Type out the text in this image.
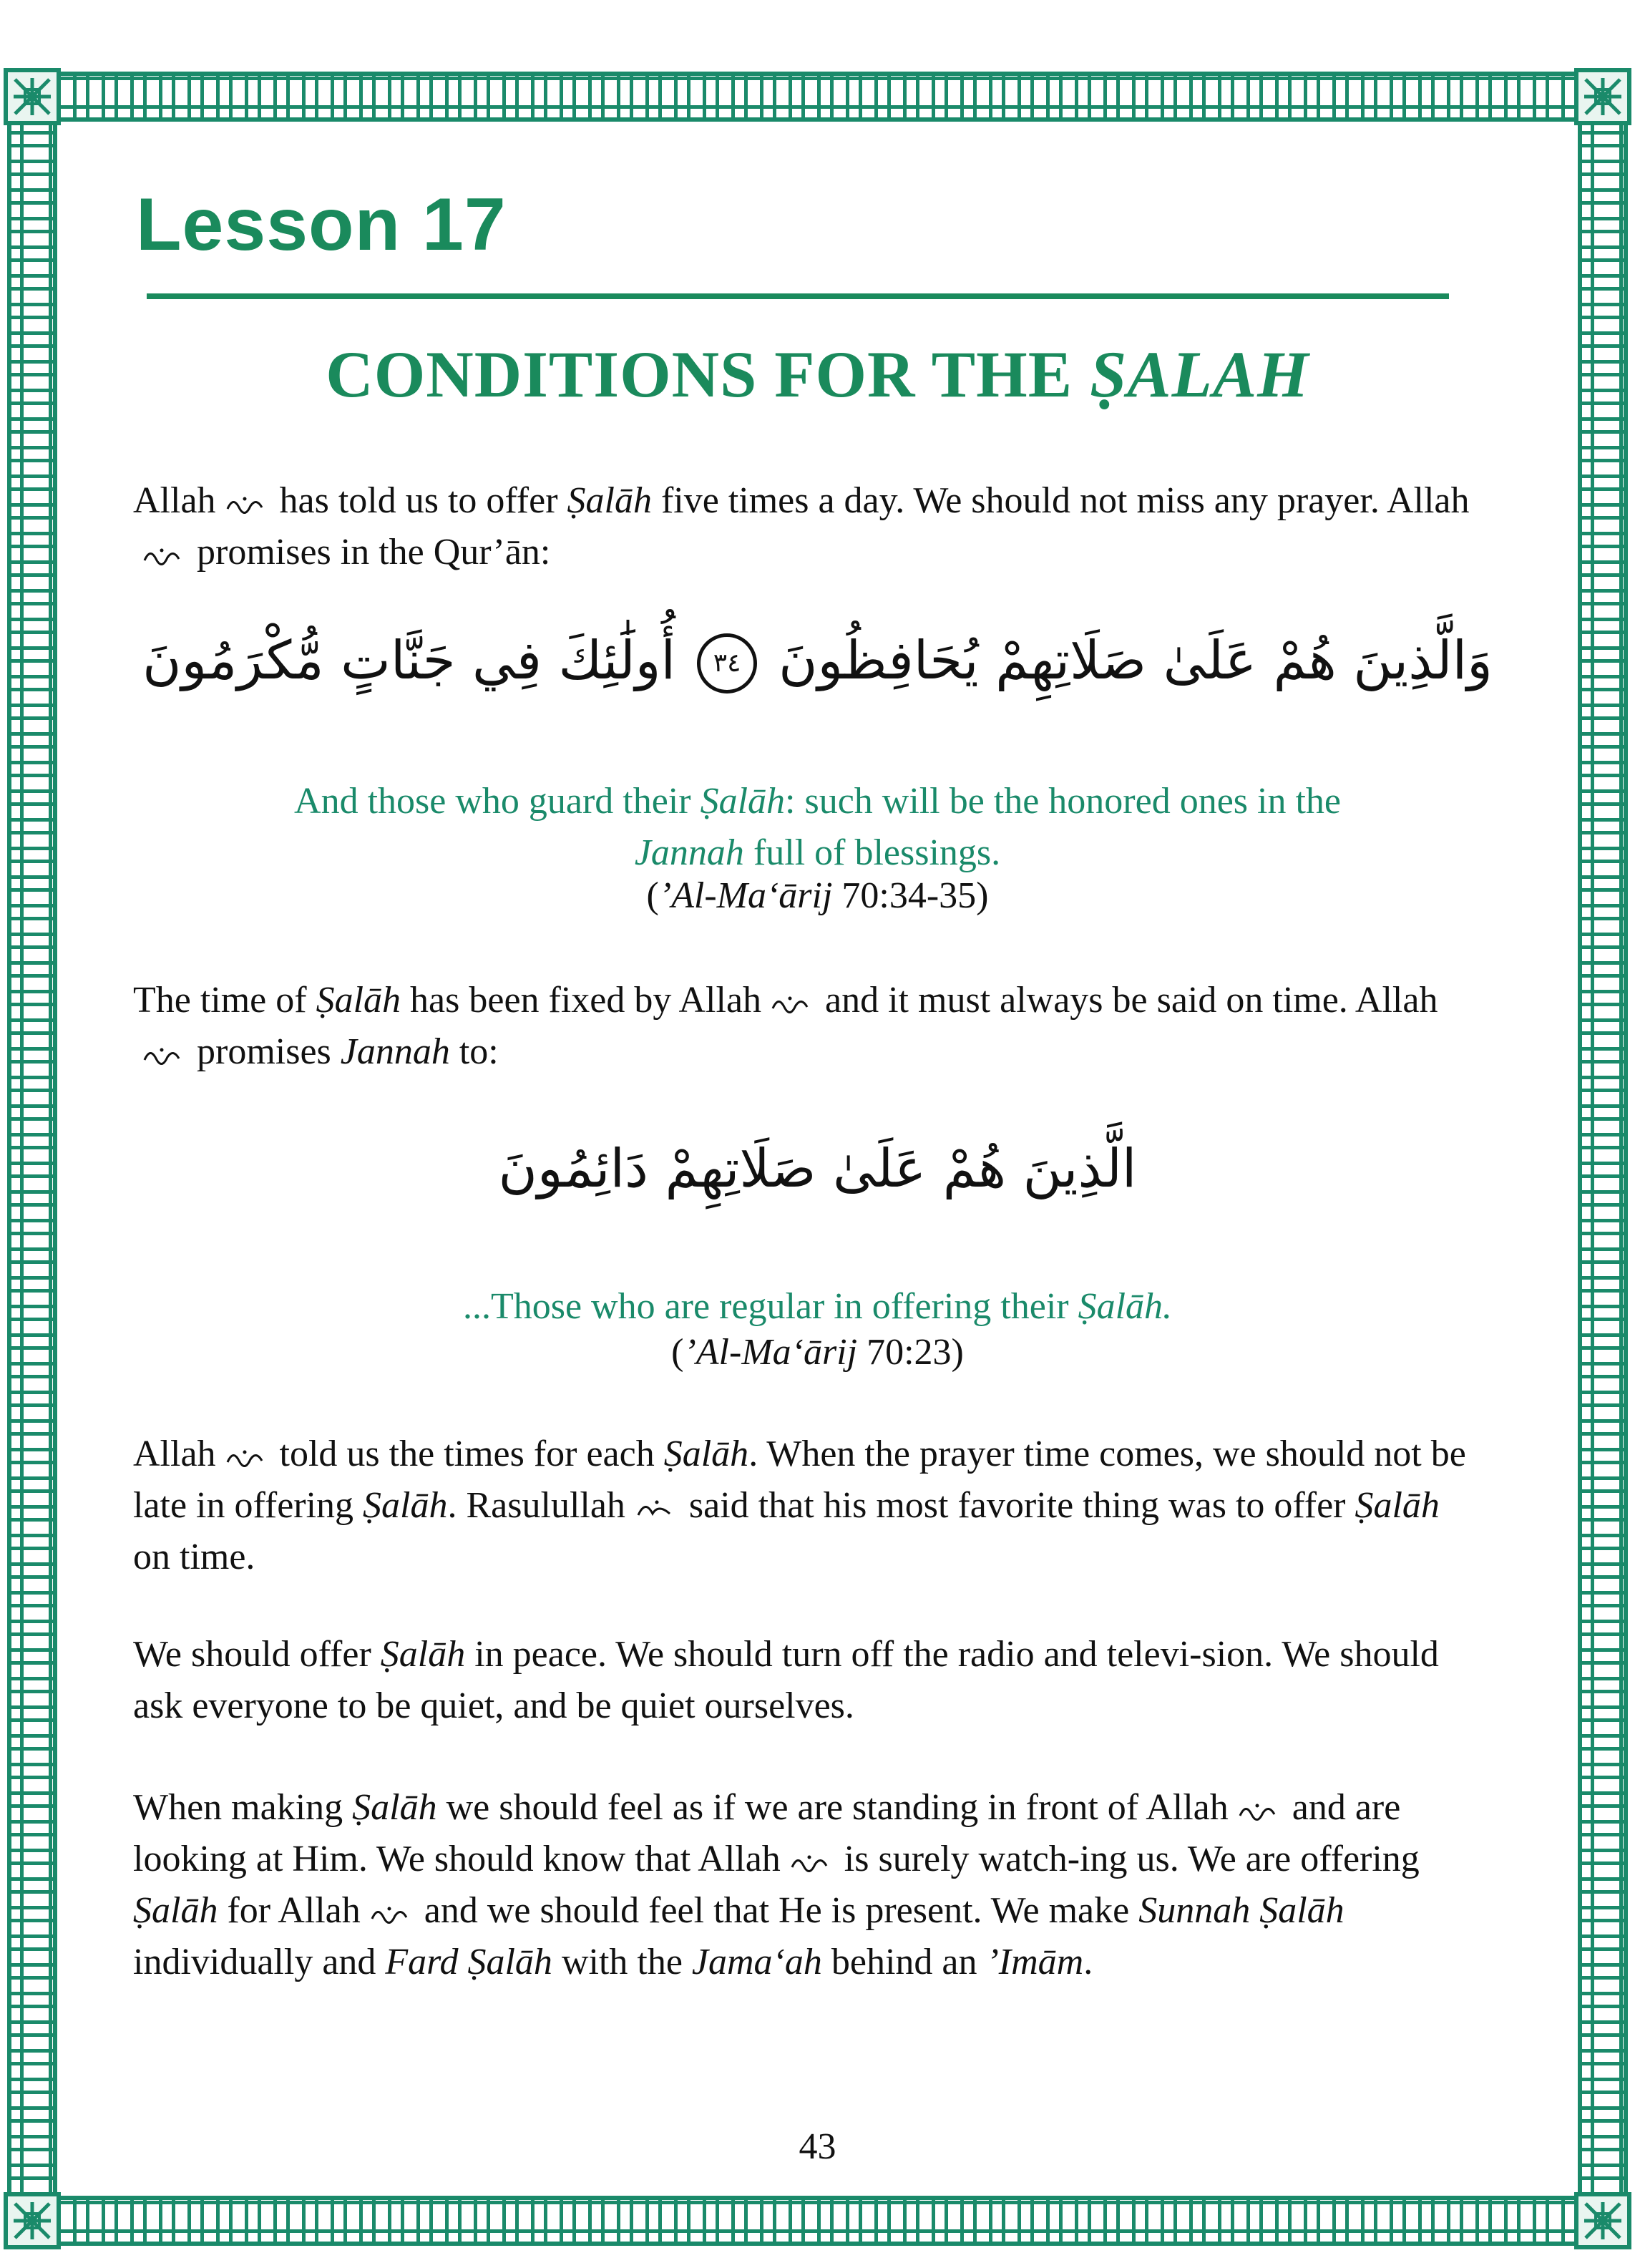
Lesson 17
CONDITIONS FOR THE ṢALAH

Allah has told us to offer Ṣalāh five times a day. We should not miss any prayer. Allah promises in the Qur’ān:

وَالَّذِينَ هُمْ عَلَىٰ صَلَاتِهِمْ يُحَافِظُونَ٣٤أُولَٰئِكَ فِي جَنَّاتٍ مُّكْرَمُونَ

And those who guard their Ṣalāh: such will be the honored ones in the
Jannah full of blessings.

(’Al-Ma‘ārij 70:34-35)

The time of Ṣalāh has been fixed by Allah and it must always be said on time. Allah promises Jannah to:

الَّذِينَ هُمْ عَلَىٰ صَلَاتِهِمْ دَائِمُونَ

...Those who are regular in offering their Ṣalāh.

(’Al-Ma‘ārij 70:23)

Allah told us the times for each Ṣalāh. When the prayer time comes, we should not be late in offering Ṣalāh. Rasulullah said that his most favorite thing was to offer Ṣalāh on time.

We should offer Ṣalāh in peace. We should turn off the radio and televi-sion. We should ask everyone to be quiet, and be quiet ourselves.

When making Ṣalāh we should feel as if we are standing in front of Allah and are looking at Him. We should know that Allah is surely watch-ing us. We are offering Ṣalāh for Allah and we should feel that He is present. We make Sunnah Ṣalāh individually and Fard Ṣalāh with the Jama‘ah behind an ’Imām.

43
